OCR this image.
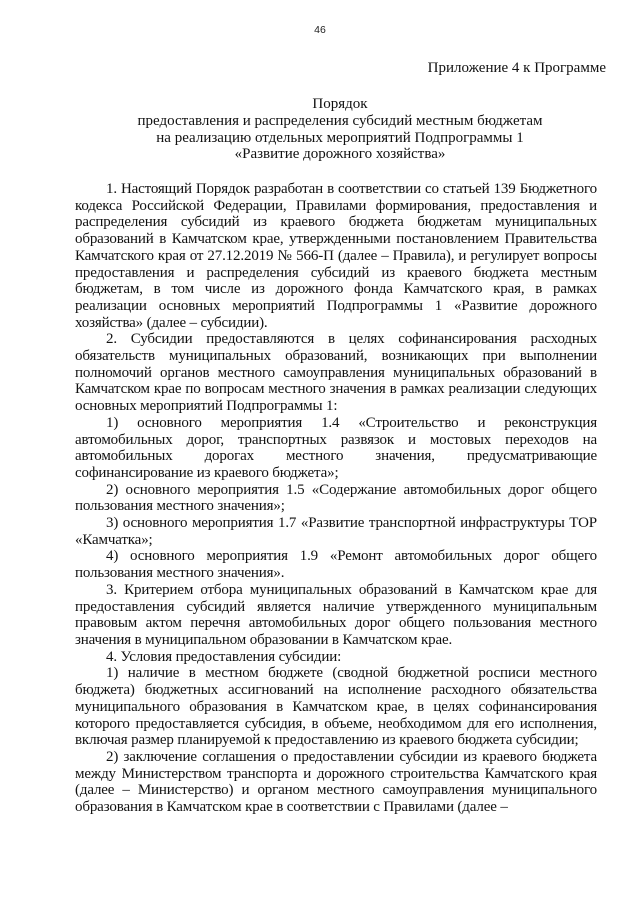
46
Приложение 4 к Программе
Порядок
предоставления и распределения субсидий местным бюджетам
на реализацию отдельных мероприятий Подпрограммы 1
«Развитие дорожного хозяйства»

1. Настоящий Порядок разработан в соответствии со статьей 139 Бюджетного кодекса Российской Федерации, Правилами формирования, предоставления и распределения субсидий из краевого бюджета бюджетам муниципальных образований в Камчатском крае, утвержденными постановлением Правительства Камчатского края от 27.12.2019 № 566-П (далее – Правила), и регулирует вопросы предоставления и распределения субсидий из краевого бюджета местным бюджетам, в том числе из дорожного фонда Камчатского края, в рамках реализации основных мероприятий Подпрограммы 1 «Развитие дорожного хозяйства» (далее – субсидии).

2. Субсидии предоставляются в целях софинансирования расходных обязательств муниципальных образований, возникающих при выполнении полномочий органов местного самоуправления муниципальных образований в Камчатском крае по вопросам местного значения в рамках реализации следующих основных мероприятий Подпрограммы 1:

1) основного мероприятия 1.4 «Строительство и реконструкция автомобильных дорог, транспортных развязок и мостовых переходов на автомобильных дорогах местного значения, предусматривающие софинансирование из краевого бюджета»;

2) основного мероприятия 1.5 «Содержание автомобильных дорог общего пользования местного значения»;

3) основного мероприятия 1.7 «Развитие транспортной инфраструктуры ТОР «Камчатка»;

4) основного мероприятия 1.9 «Ремонт автомобильных дорог общего пользования местного значения».

3. Критерием отбора муниципальных образований в Камчатском крае для предоставления субсидий является наличие утвержденного муниципальным правовым актом перечня автомобильных дорог общего пользования местного значения в муниципальном образовании в Камчатском крае.

4. Условия предоставления субсидии:

1) наличие в местном бюджете (сводной бюджетной росписи местного бюджета) бюджетных ассигнований на исполнение расходного обязательства муниципального образования в Камчатском крае, в целях софинансирования которого предоставляется субсидия, в объеме, необходимом для его исполнения, включая размер планируемой к предоставлению из краевого бюджета субсидии;

2) заключение соглашения о предоставлении субсидии из краевого бюджета между Министерством транспорта и дорожного строительства Камчатского края (далее – Министерство) и органом местного самоуправления муниципального образования в Камчатском крае в соответствии с Правилами (далее –
